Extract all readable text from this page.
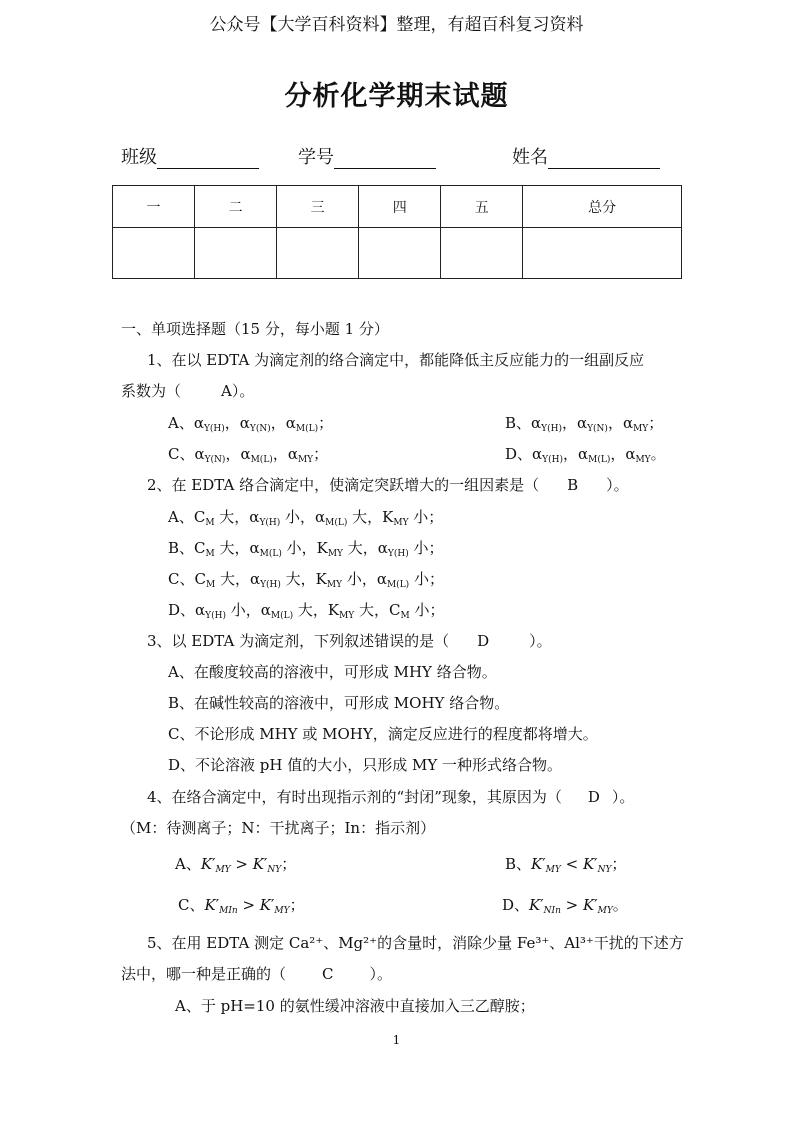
公众号【大学百科资料】整理，有超百科复习资料
分析化学期末试题
班级	学号	姓名
一	二	三	四	五	总分

一、单项选择题（15 分，每小题 1 分）
1、在以 EDTA 为滴定剂的络合滴定中，都能降低主反应能力的一组副反应
系数为（	A）。
A、$\alpha_{Y(H)}$，$\alpha_{Y(N)}$，$\alpha_{M(L)}$；	B、$\alpha_{Y(H)}$，$\alpha_{Y(N)}$，$\alpha_{MY}$；
C、$\alpha_{Y(N)}$，$\alpha_{M(L)}$，$\alpha_{MY}$；	D、$\alpha_{Y(H)}$，$\alpha_{M(L)}$，$\alpha_{MY}$。
2、在 EDTA 络合滴定中，使滴定突跃增大的一组因素是（ B ）。
A、$C_M$ 大，$\alpha_{Y(H)}$ 小，$\alpha_{M(L)}$ 大，$K_{MY}$ 小；
B、$C_M$ 大，$\alpha_{M(L)}$ 小，$K_{MY}$ 大，$\alpha_{Y(H)}$ 小；
C、$C_M$ 大，$\alpha_{Y(H)}$ 大，$K_{MY}$ 小，$\alpha_{M(L)}$ 小；
D、$\alpha_{Y(H)}$ 小，$\alpha_{M(L)}$ 大，$K_{MY}$ 大，$C_M$ 小；
3、以 EDTA 为滴定剂，下列叙述错误的是（ D	）。
A、在酸度较高的溶液中，可形成 MHY 络合物。
B、在碱性较高的溶液中，可形成 MOHY 络合物。
C、不论形成 MHY 或 MOHY，滴定反应进行的程度都将增大。
D、不论溶液 pH 值的大小，只形成 MY 一种形式络合物。
4、在络合滴定中，有时出现指示剂的“封闭”现象，其原因为（ D ）。
（M：待测离子；N：干扰离子；In：指示剂）
A、$K'_{MY} > K'_{NY}$；	B、$K'_{MY} < K'_{NY}$；
C、$K'_{MIn} > K'_{MY}$；	D、$K'_{NIn} > K'_{MY}$。
5、在用 EDTA 测定 Ca²⁺、Mg²⁺的含量时，消除少量 Fe³⁺、Al³⁺干扰的下述方
法中，哪一种是正确的（ C ）。
A、于 pH=10 的氨性缓冲溶液中直接加入三乙醇胺；
1
